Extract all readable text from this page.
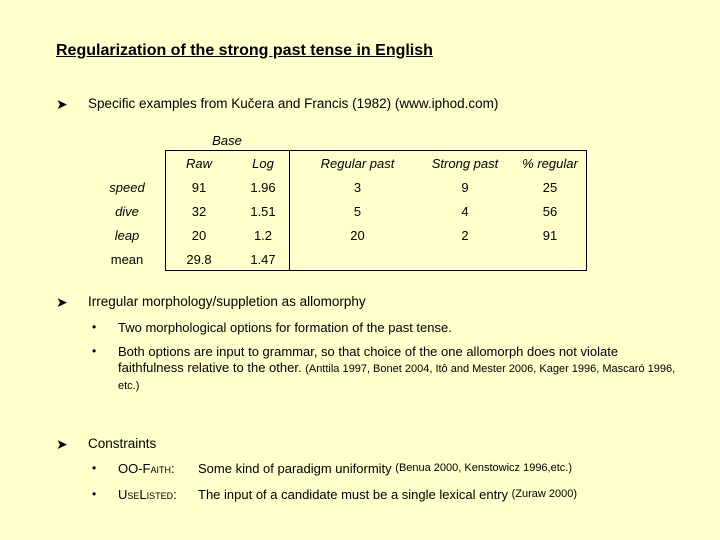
Regularization of the strong past tense in English
➤	Specific examples from Kučera and Francis (1982) (www.iphod.com)
Base
Raw	Log	Regular past	Strong past	% regular
speed	91	1.96	3	9	25
dive	32	1.51	5	4	56
leap	20	1.2	20	2	91
mean	29.8	1.47
➤	Irregular morphology/suppletion as allomorphy
•	Two morphological options for formation of the past tense.
•	Both options are input to grammar, so that choice of the one allomorph does not violate faithfulness relative to the other. (Anttila 1997, Bonet 2004, Itô and Mester 2006, Kager 1996, Mascaró 1996, etc.)
➤	Constraints
•	OO-Faith:	Some kind of paradigm uniformity
(Benua 2000, Kenstowicz 1996,etc.)
•	UseListed:	The input of a candidate must be a single lexical entry
(Zuraw 2000)
